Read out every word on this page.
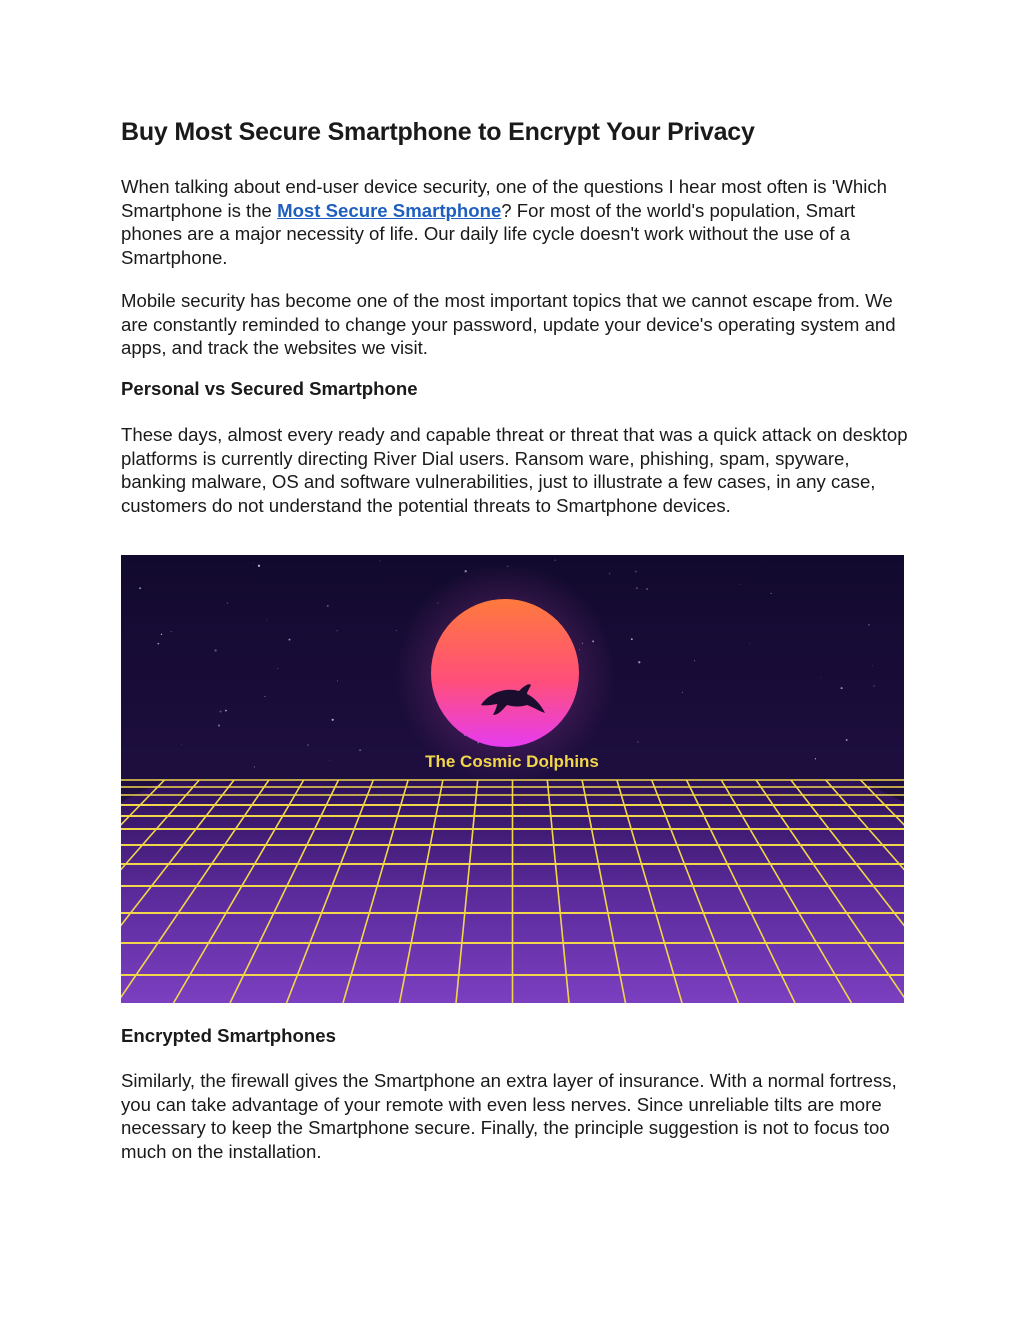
Buy Most Secure Smartphone to Encrypt Your Privacy

When talking about end-user device security, one of the questions I hear most often is 'Which Smartphone is the Most Secure Smartphone? For most of the world's population, Smart phones are a major necessity of life. Our daily life cycle doesn't work without the use of a Smartphone.

Mobile security has become one of the most important topics that we cannot escape from. We are constantly reminded to change your password, update your device's operating system and apps, and track the websites we visit.

Personal vs Secured Smartphone

These days, almost every ready and capable threat or threat that was a quick attack on desktop platforms is currently directing River Dial users. Ransom ware, phishing, spam, spyware, banking malware, OS and software vulnerabilities, just to illustrate a few cases, in any case, customers do not understand the potential threats to Smartphone devices.

Encrypted Smartphones

Similarly, the firewall gives the Smartphone an extra layer of insurance. With a normal fortress, you can take advantage of your remote with even less nerves. Since unreliable tilts are more necessary to keep the Smartphone secure. Finally, the principle suggestion is not to focus too much on the installation.

The Cosmic Dolphins
